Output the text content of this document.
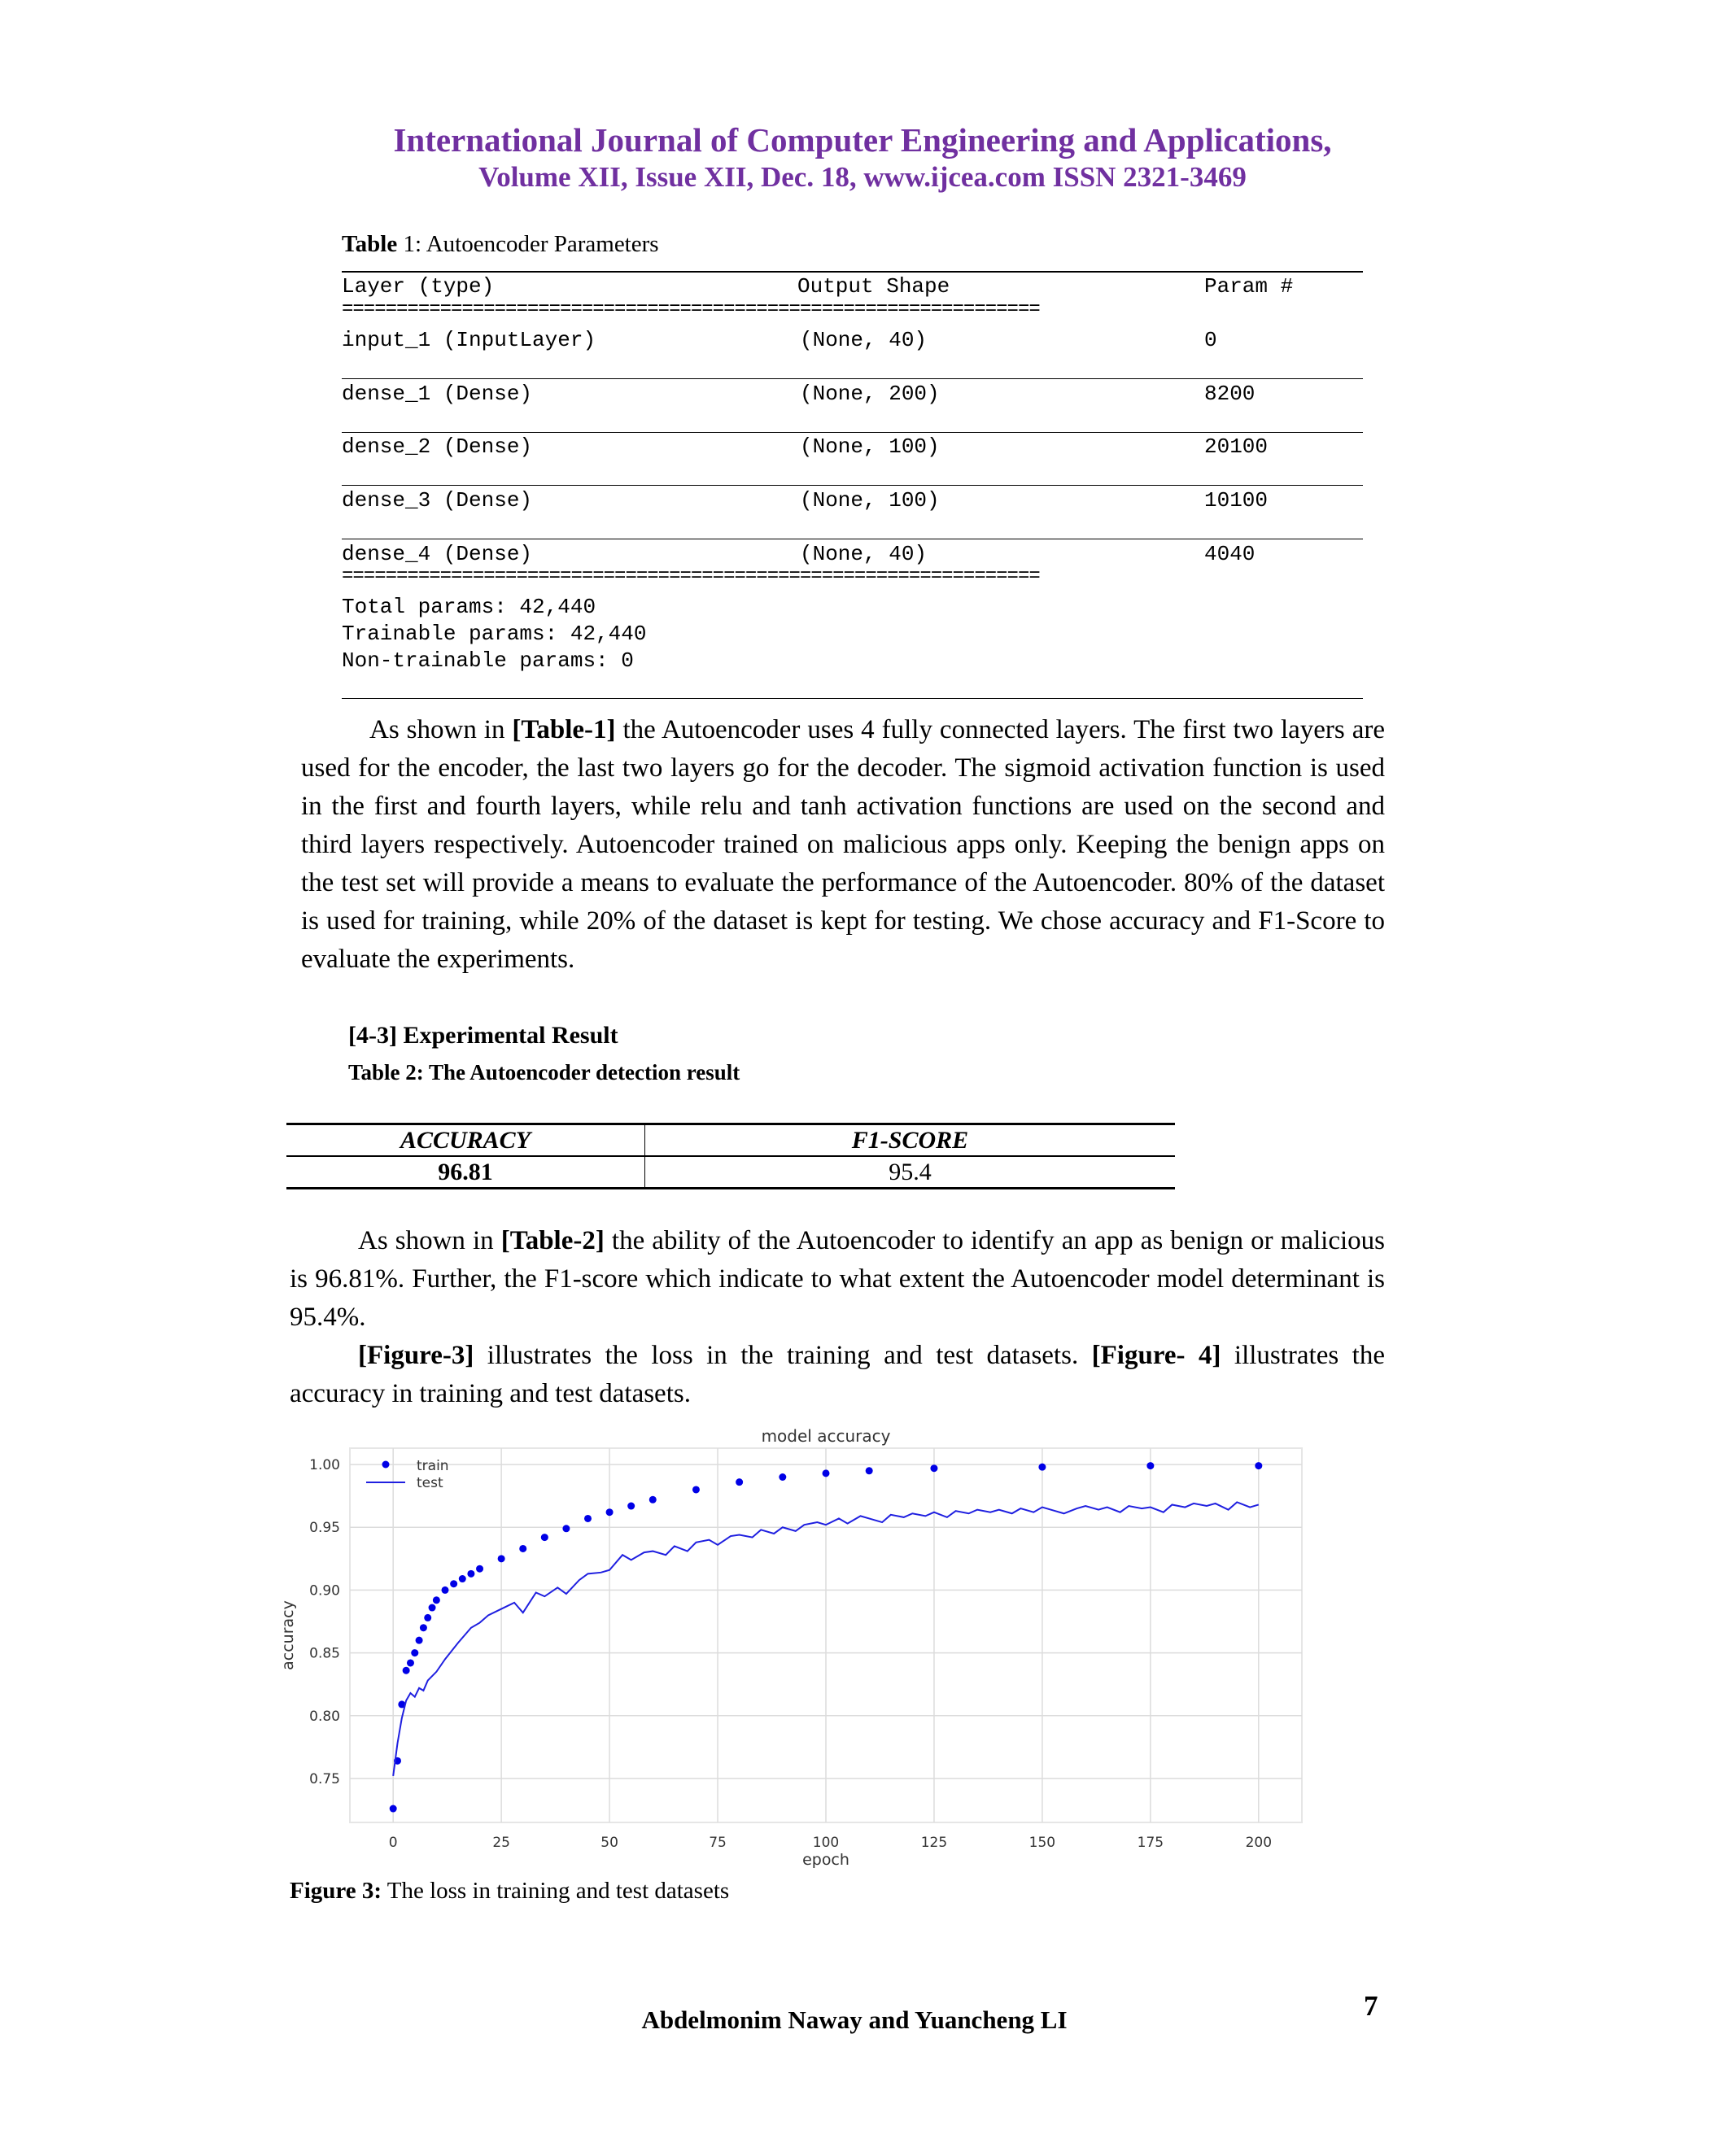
International Journal of Computer Engineering and Applications,
Volume XII, Issue XII, Dec. 18, www.ijcea.com ISSN 2321-3469
Table 1: Autoencoder Parameters
Layer (type)	Output Shape	Param #
================================================================
input_1 (InputLayer)	(None, 40)	0
dense_1 (Dense)	(None, 200)	8200
dense_2 (Dense)	(None, 100)	20100
dense_3 (Dense)	(None, 100)	10100
dense_4 (Dense)	(None, 40)	4040
================================================================
Total params: 42,440
Trainable params: 42,440
Non-trainable params: 0
As shown in [Table-1] the Autoencoder uses 4 fully connected layers. The first two layers are used for the encoder, the last two layers go for the decoder. The sigmoid activation function is used in the first and fourth layers, while relu and tanh activation functions are used on the second and third layers respectively. Autoencoder trained on malicious apps only. Keeping the benign apps on the test set will provide a means to evaluate the performance of the Autoencoder. 80% of the dataset is used for training, while 20% of the dataset is kept for testing. We chose accuracy and F1-Score to evaluate the experiments.
[4-3] Experimental Result
Table 2: The Autoencoder detection result
ACCURACY	F1-SCORE
96.81	95.4
As shown in [Table-2] the ability of the Autoencoder to identify an app as benign or malicious is 96.81%. Further, the F1-score which indicate to what extent the Autoencoder model determinant is 95.4%.
[Figure-3] illustrates the loss in the training and test datasets. [Figure- 4] illustrates the accuracy in training and test datasets.
0	25	50	75	100	125	150	175	200
0.75
0.80
0.85
0.90
0.95
1.00
model accuracy
epoch
accuracy
train
test
Figure 3: The loss in training and test datasets
Abdelmonim Naway and Yuancheng LI	7
